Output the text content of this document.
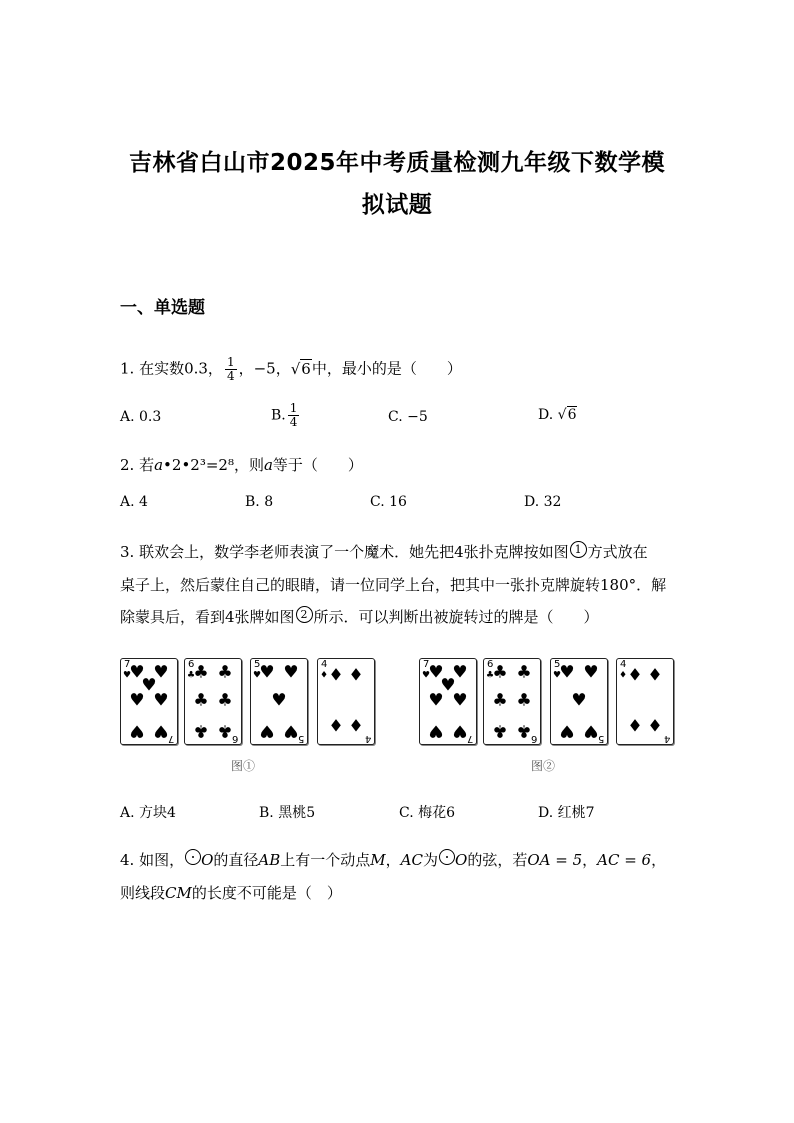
吉林省白山市2025年中考质量检测九年级下数学模
拟试题
一、单选题
1. 在实数0.3， $\frac{1}{4}$ ，−5，√6中，最小的是（　　）
A. 0.3	B. $\frac{1}{4}$	C. −5	D. √6
2. 若a•2•2³=2⁸，则a等于（　　）
A. 4	B. 8	C. 16	D. 32
3. 联欢会上，数学李老师表演了一个魔术．她先把4张扑克牌按如图 1 方式放在
桌子上，然后蒙住自己的眼睛，请一位同学上台，把其中一张扑克牌旋转180°．解
除蒙具后，看到4张牌如图 2 所示．可以判断出被旋转过的牌是（　　）
7
7
♥
♥ ♥
♥
♥ ♥
♥ ♥
6
6
♣
♣ ♣
♣ ♣
♣ ♣
5
5
♥
♥ ♥
♥
♥ ♥
4
4
♦ ♦ ♦
♦ ♦
图①
7
7
♥
♥ ♥
♥
♥ ♥
♥ ♥
6
6
♣
♣ ♣
♣ ♣
♣ ♣
5
5
♥
♥ ♥
♥
♥ ♥
4
4
♦ ♦ ♦
♦ ♦
图②
A. 方块4	B. 黑桃5	C. 梅花6	D. 红桃7
4. 如图， O的直径AB上有一个动点M，AC为 O的弦，若OA = 5，AC = 6，
则线段CM的长度不可能是（　）
